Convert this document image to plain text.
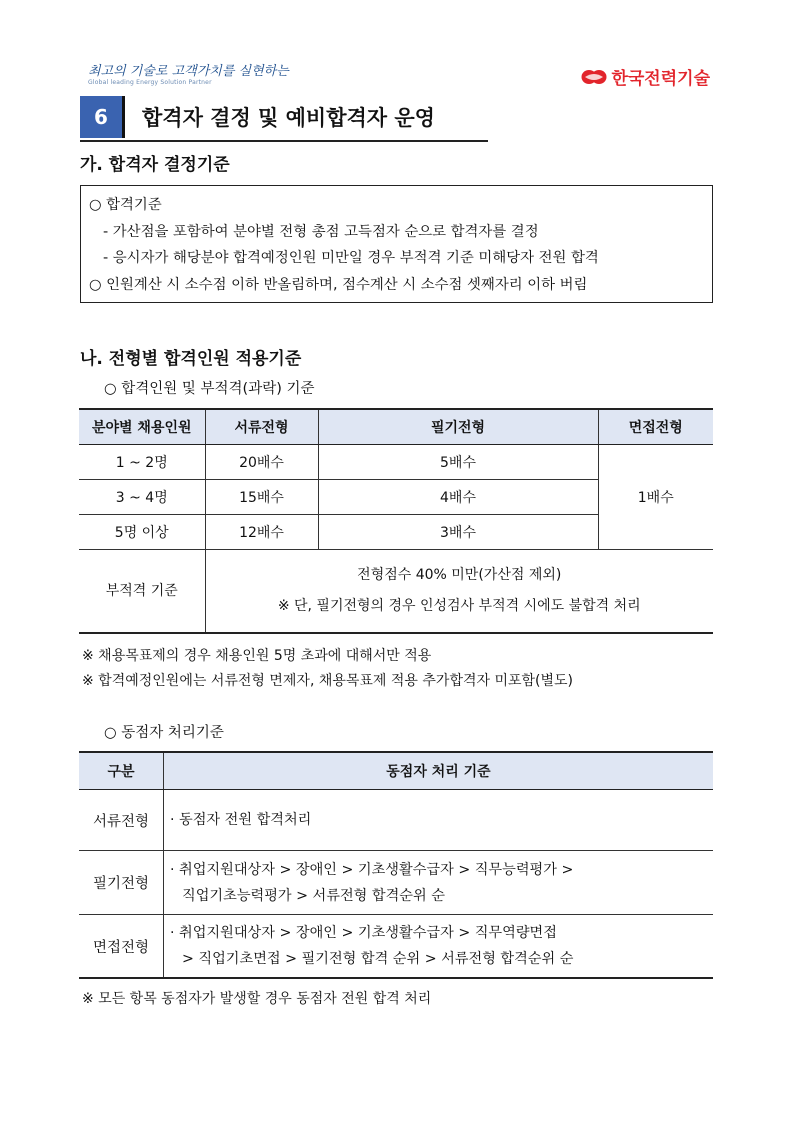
최고의 기술로 고객가치를 실현하는
Global leading Energy Solution Partner	한국전력기술
6	합격자 결정 및 예비합격자 운영
가. 합격자 결정기준
○ 합격기준
- 가산점을 포함하여 분야별 전형 총점 고득점자 순으로 합격자를 결정
- 응시자가 해당분야 합격예정인원 미만일 경우 부적격 기준 미해당자 전원 합격
○ 인원계산 시 소수점 이하 반올림하며, 점수계산 시 소수점 셋째자리 이하 버림
나. 전형별 합격인원 적용기준
○ 합격인원 및 부적격(과락) 기준
분야별 채용인원	서류전형	필기전형	면접전형
1 ~ 2명	20배수	5배수	1배수
3 ~ 4명	15배수	4배수	
5명 이상	12배수	3배수	
부적격 기준	전형점수 40% 미만(가산점 제외)
※ 단, 필기전형의 경우 인성검사 부적격 시에도 불합격 처리		
※ 채용목표제의 경우 채용인원 5명 초과에 대해서만 적용
※ 합격예정인원에는 서류전형 면제자, 채용목표제 적용 추가합격자 미포함(별도)
○ 동점자 처리기준
구분	동점자 처리 기준
서류전형	· 동점자 전원 합격처리

필기전형	· 취업지원대상자 > 장애인 > 기초생활수급자 > 직무능력평가 >
직업기초능력평가 > 서류전형 합격순위 순

면접전형	· 취업지원대상자 > 장애인 > 기초생활수급자 > 직무역량면접
> 직업기초면접 > 필기전형 합격 순위 > 서류전형 합격순위 순
※ 모든 항목 동점자가 발생할 경우 동점자 전원 합격 처리
